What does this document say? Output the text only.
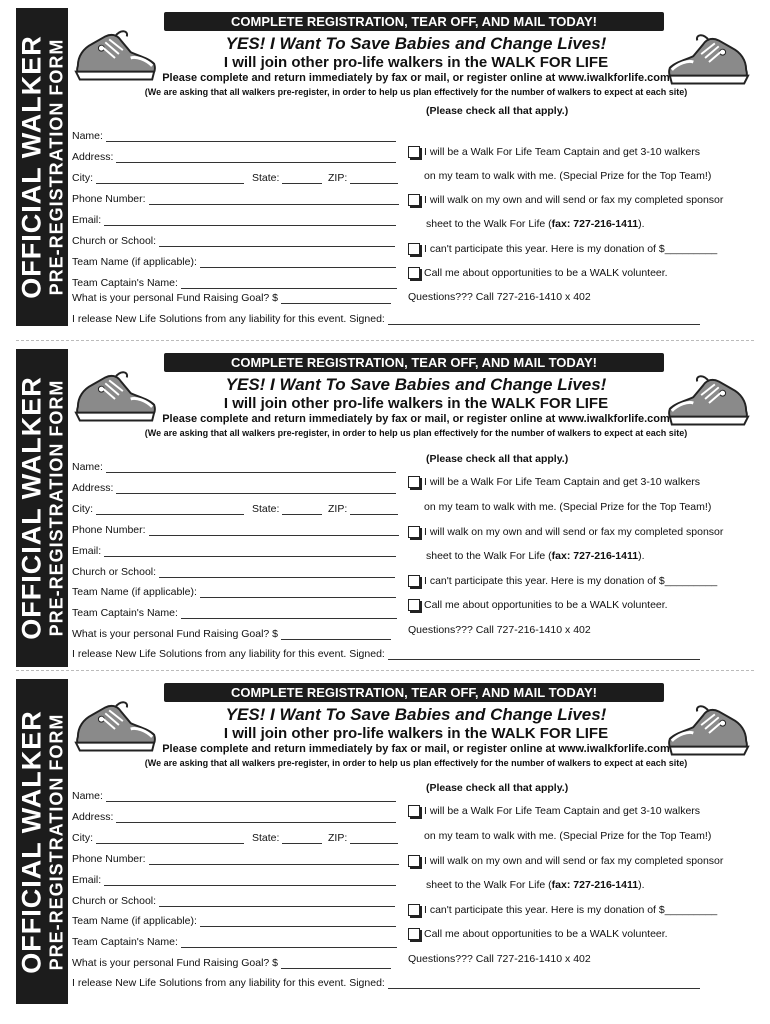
OFFICIAL WALKER PRE-REGISTRATION FORM
COMPLETE REGISTRATION, TEAR OFF, AND MAIL TODAY!
YES! I Want To Save Babies and Change Lives!
I will join other pro-life walkers in the WALK FOR LIFE
Please complete and return immediately by fax or mail, or register online at www.iwalkforlife.com
(We are asking that all walkers pre-register, in order to help us plan effectively for the number of walkers to expect at each site)
Name:
Address:
City:	State:	ZIP:
Phone Number:
Email:
Church or School:
Team Name (if applicable):
Team Captain's Name:
What is your personal Fund Raising Goal? $
(Please check all that apply.)
I will be a Walk For Life Team Captain and get 3-10 walkers
on my team to walk with me. (Special Prize for the Top Team!)
I will walk on my own and will send or fax my completed sponsor
sheet to the Walk For Life ( fax: 727-216-1411 ).
I can't participate this year. Here is my donation of $_________
Call me about opportunities to be a WALK volunteer.
Questions??? Call 727-216-1410 x 402
I release New Life Solutions from any liability for this event. Signed:
OFFICIAL WALKER PRE-REGISTRATION FORM
COMPLETE REGISTRATION, TEAR OFF, AND MAIL TODAY!
YES! I Want To Save Babies and Change Lives!
I will join other pro-life walkers in the WALK FOR LIFE
Please complete and return immediately by fax or mail, or register online at www.iwalkforlife.com
(We are asking that all walkers pre-register, in order to help us plan effectively for the number of walkers to expect at each site)
Name:
Address:
City:	State:	ZIP:
Phone Number:
Email:
Church or School:
Team Name (if applicable):
Team Captain's Name:
What is your personal Fund Raising Goal? $
(Please check all that apply.)
I will be a Walk For Life Team Captain and get 3-10 walkers
on my team to walk with me. (Special Prize for the Top Team!)
I will walk on my own and will send or fax my completed sponsor
sheet to the Walk For Life ( fax: 727-216-1411 ).
I can't participate this year. Here is my donation of $_________
Call me about opportunities to be a WALK volunteer.
Questions??? Call 727-216-1410 x 402
I release New Life Solutions from any liability for this event. Signed:
OFFICIAL WALKER PRE-REGISTRATION FORM
COMPLETE REGISTRATION, TEAR OFF, AND MAIL TODAY!
YES! I Want To Save Babies and Change Lives!
I will join other pro-life walkers in the WALK FOR LIFE
Please complete and return immediately by fax or mail, or register online at www.iwalkforlife.com
(We are asking that all walkers pre-register, in order to help us plan effectively for the number of walkers to expect at each site)
Name:
Address:
City:	State:	ZIP:
Phone Number:
Email:
Church or School:
Team Name (if applicable):
Team Captain's Name:
What is your personal Fund Raising Goal? $
(Please check all that apply.)
I will be a Walk For Life Team Captain and get 3-10 walkers
on my team to walk with me. (Special Prize for the Top Team!)
I will walk on my own and will send or fax my completed sponsor
sheet to the Walk For Life ( fax: 727-216-1411 ).
I can't participate this year. Here is my donation of $_________
Call me about opportunities to be a WALK volunteer.
Questions??? Call 727-216-1410 x 402
I release New Life Solutions from any liability for this event. Signed:
